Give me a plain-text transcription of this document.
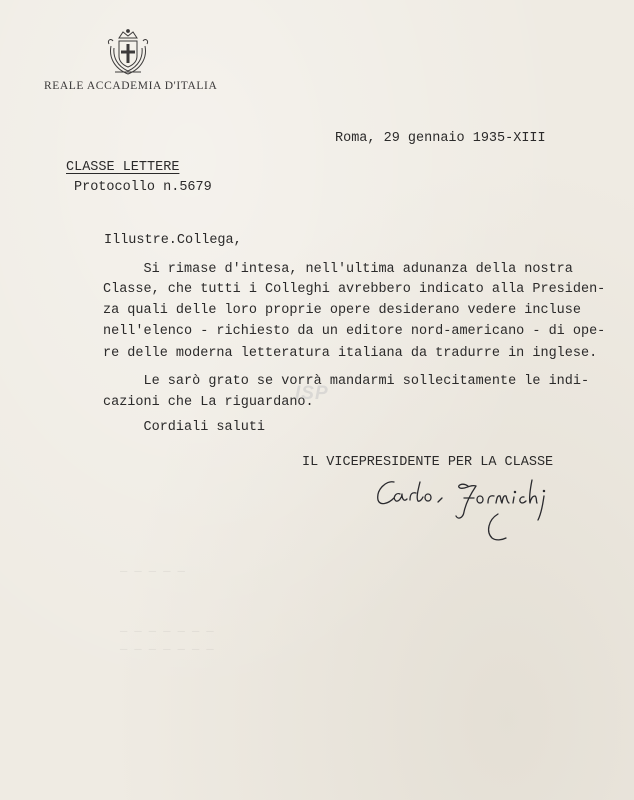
REALE ACCADEMIA D'ITALIA
Roma, 29 gennaio 1935-XIII
CLASSE LETTERE
Protocollo n.5679
Illustre.Collega,
Si rimase d'intesa, nell'ultima adunanza della nostra
Classe, che tutti i Colleghi avrebbero indicato alla Presiden-
za quali delle loro proprie opere desiderano vedere incluse
nell'elenco - richiesto da un editore nord-americano - di ope-
re delle moderna letteratura italiana da tradurre in inglese.
Le sarò grato se vorrà mandarmi sollecitamente le indi-
cazioni che La riguardano.
Cordiali saluti
ISP
IL VICEPRESIDENTE PER LA CLASSE
─ ─ ─ ─ ─
─ ─ ─ ─ ─ ─ ─
─ ─ ─ ─ ─ ─ ─
